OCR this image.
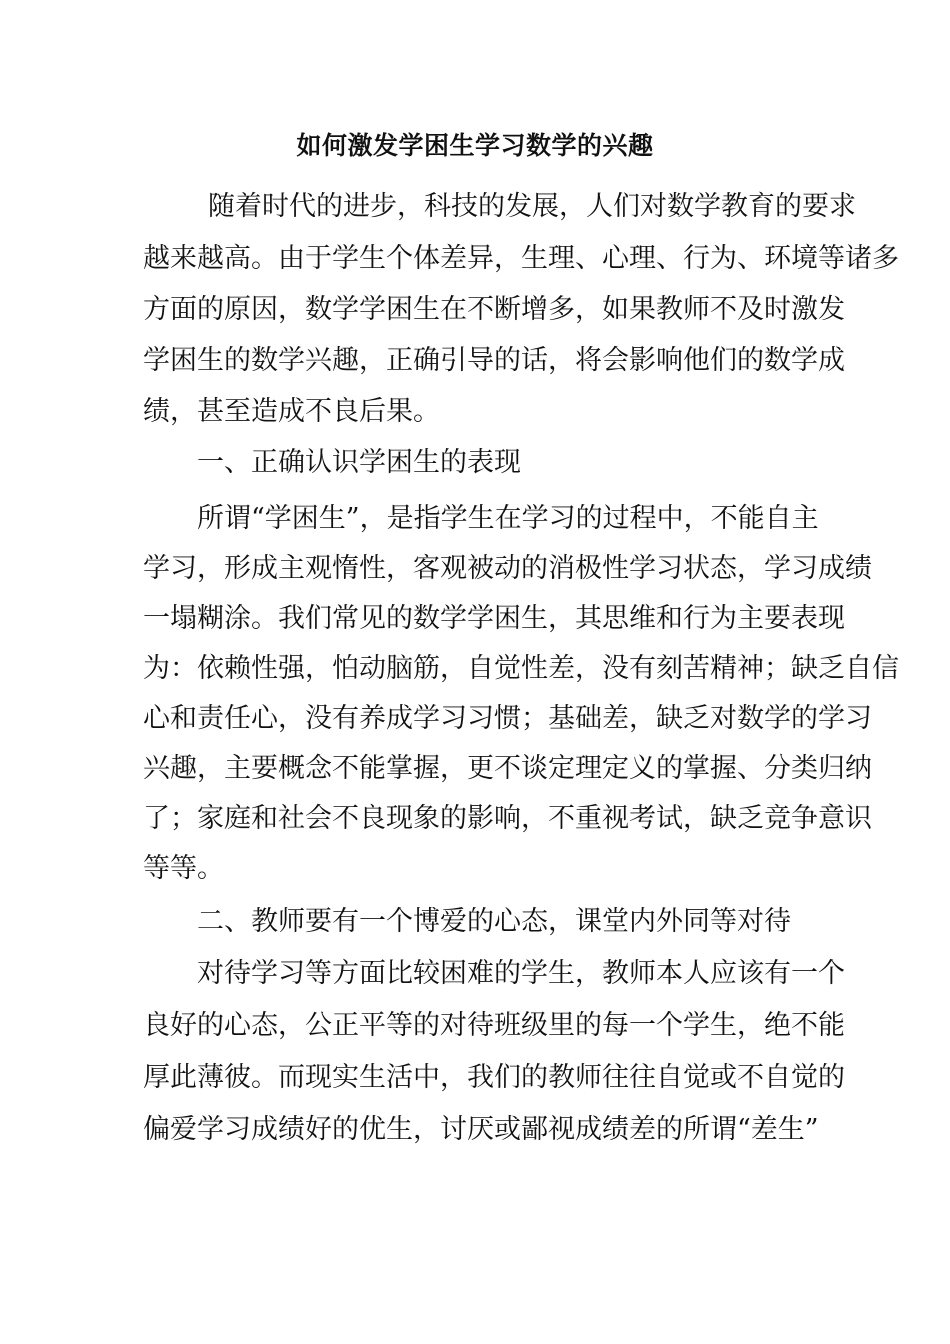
如何激发学困生学习数学的兴趣
随着时代的进步，科技的发展，人们对数学教育的要求
越来越高。由于学生个体差异，生理、心理、行为、环境等诸多
方面的原因，数学学困生在不断增多，如果教师不及时激发
学困生的数学兴趣，正确引导的话，将会影响他们的数学成
绩，甚至造成不良后果。
一、正确认识学困生的表现
所谓“学困生”，是指学生在学习的过程中，不能自主
学习，形成主观惰性，客观被动的消极性学习状态，学习成绩
一塌糊涂。我们常见的数学学困生，其思维和行为主要表现
为：依赖性强，怕动脑筋，自觉性差，没有刻苦精神；缺乏自信
心和责任心，没有养成学习习惯；基础差，缺乏对数学的学习
兴趣，主要概念不能掌握，更不谈定理定义的掌握、分类归纳
了；家庭和社会不良现象的影响，不重视考试，缺乏竞争意识
等等。
二、教师要有一个博爱的心态，课堂内外同等对待
对待学习等方面比较困难的学生，教师本人应该有一个
良好的心态，公正平等的对待班级里的每一个学生，绝不能
厚此薄彼。而现实生活中，我们的教师往往自觉或不自觉的
偏爱学习成绩好的优生，讨厌或鄙视成绩差的所谓“差生”
